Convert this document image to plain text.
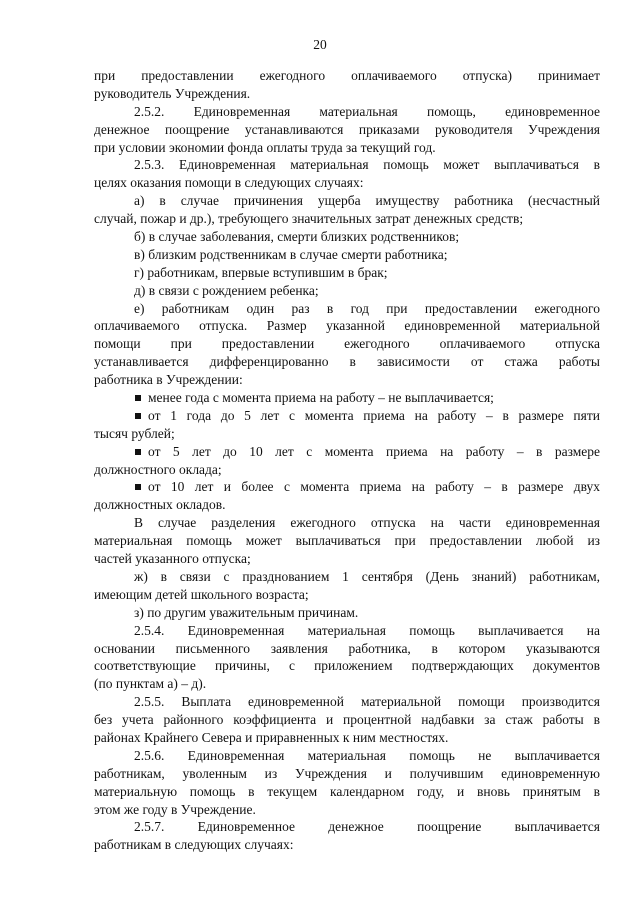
20
при предоставлении ежегодного оплачиваемого отпуска) принимает
руководитель Учреждения.
2.5.2. Единовременная материальная помощь, единовременное
денежное поощрение устанавливаются приказами руководителя Учреждения
при условии экономии фонда оплаты труда за текущий год.
2.5.3. Единовременная материальная помощь может выплачиваться в
целях оказания помощи в следующих случаях:
а) в случае причинения ущерба имуществу работника (несчастный
случай, пожар и др.), требующего значительных затрат денежных средств;
б) в случае заболевания, смерти близких родственников;
в) близким родственникам в случае смерти работника;
г) работникам, впервые вступившим в брак;
д) в связи с рождением ребенка;
е) работникам один раз в год при предоставлении ежегодного
оплачиваемого отпуска. Размер указанной единовременной материальной
помощи при предоставлении ежегодного оплачиваемого отпуска
устанавливается дифференцированно в зависимости от стажа работы
работника в Учреждении:
менее года с момента приема на работу – не выплачивается;
от 1 года до 5 лет с момента приема на работу – в размере пяти
тысяч рублей;
от 5 лет до 10 лет с момента приема на работу – в размере
должностного оклада;
от 10 лет и более с момента приема на работу – в размере двух
должностных окладов.
В случае разделения ежегодного отпуска на части единовременная
материальная помощь может выплачиваться при предоставлении любой из
частей указанного отпуска;
ж) в связи с празднованием 1 сентября (День знаний) работникам,
имеющим детей школьного возраста;
з) по другим уважительным причинам.
2.5.4. Единовременная материальная помощь выплачивается на
основании письменного заявления работника, в котором указываются
соответствующие причины, с приложением подтверждающих документов
(по пунктам а) – д).
2.5.5. Выплата единовременной материальной помощи производится
без учета районного коэффициента и процентной надбавки за стаж работы в
районах Крайнего Севера и приравненных к ним местностях.
2.5.6. Единовременная материальная помощь не выплачивается
работникам, уволенным из Учреждения и получившим единовременную
материальную помощь в текущем календарном году, и вновь принятым в
этом же году в Учреждение.
2.5.7. Единовременное денежное поощрение выплачивается
работникам в следующих случаях:
